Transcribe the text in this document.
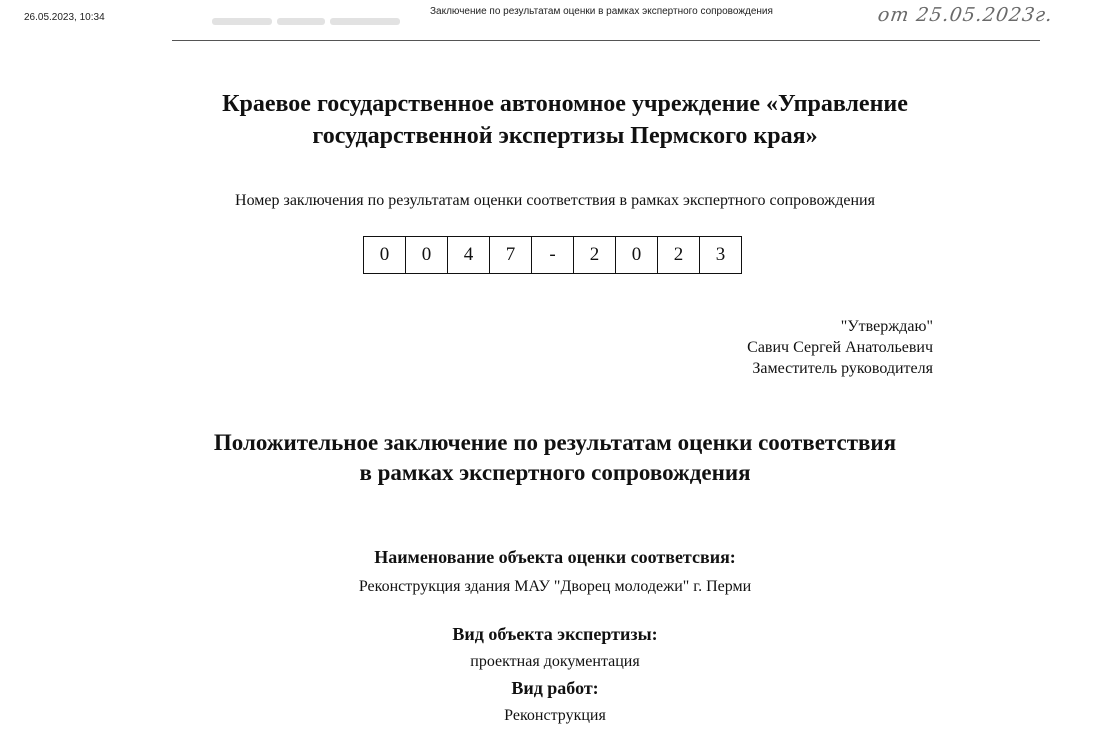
26.05.2023, 10:34
Заключение по результатам оценки в рамках экспертного сопровождения	от 25.05.2023г.
Краевое государственное автономное учреждение «Управление
государственной экспертизы Пермского края»

Номер заключения по результатам оценки соответствия в рамках экспертного сопровождения

0	0	4	7	-	2	0	2	3
"Утверждаю"
Савич Сергей Анатольевич
Заместитель руководителя
Положительное заключение по результатам оценки соответствия
в рамках экспертного сопровождения

Наименование объекта оценки соответсвия:

Реконструкция здания МАУ "Дворец молодежи" г. Перми

Вид объекта экспертизы:

проектная документация

Вид работ:

Реконструкция
